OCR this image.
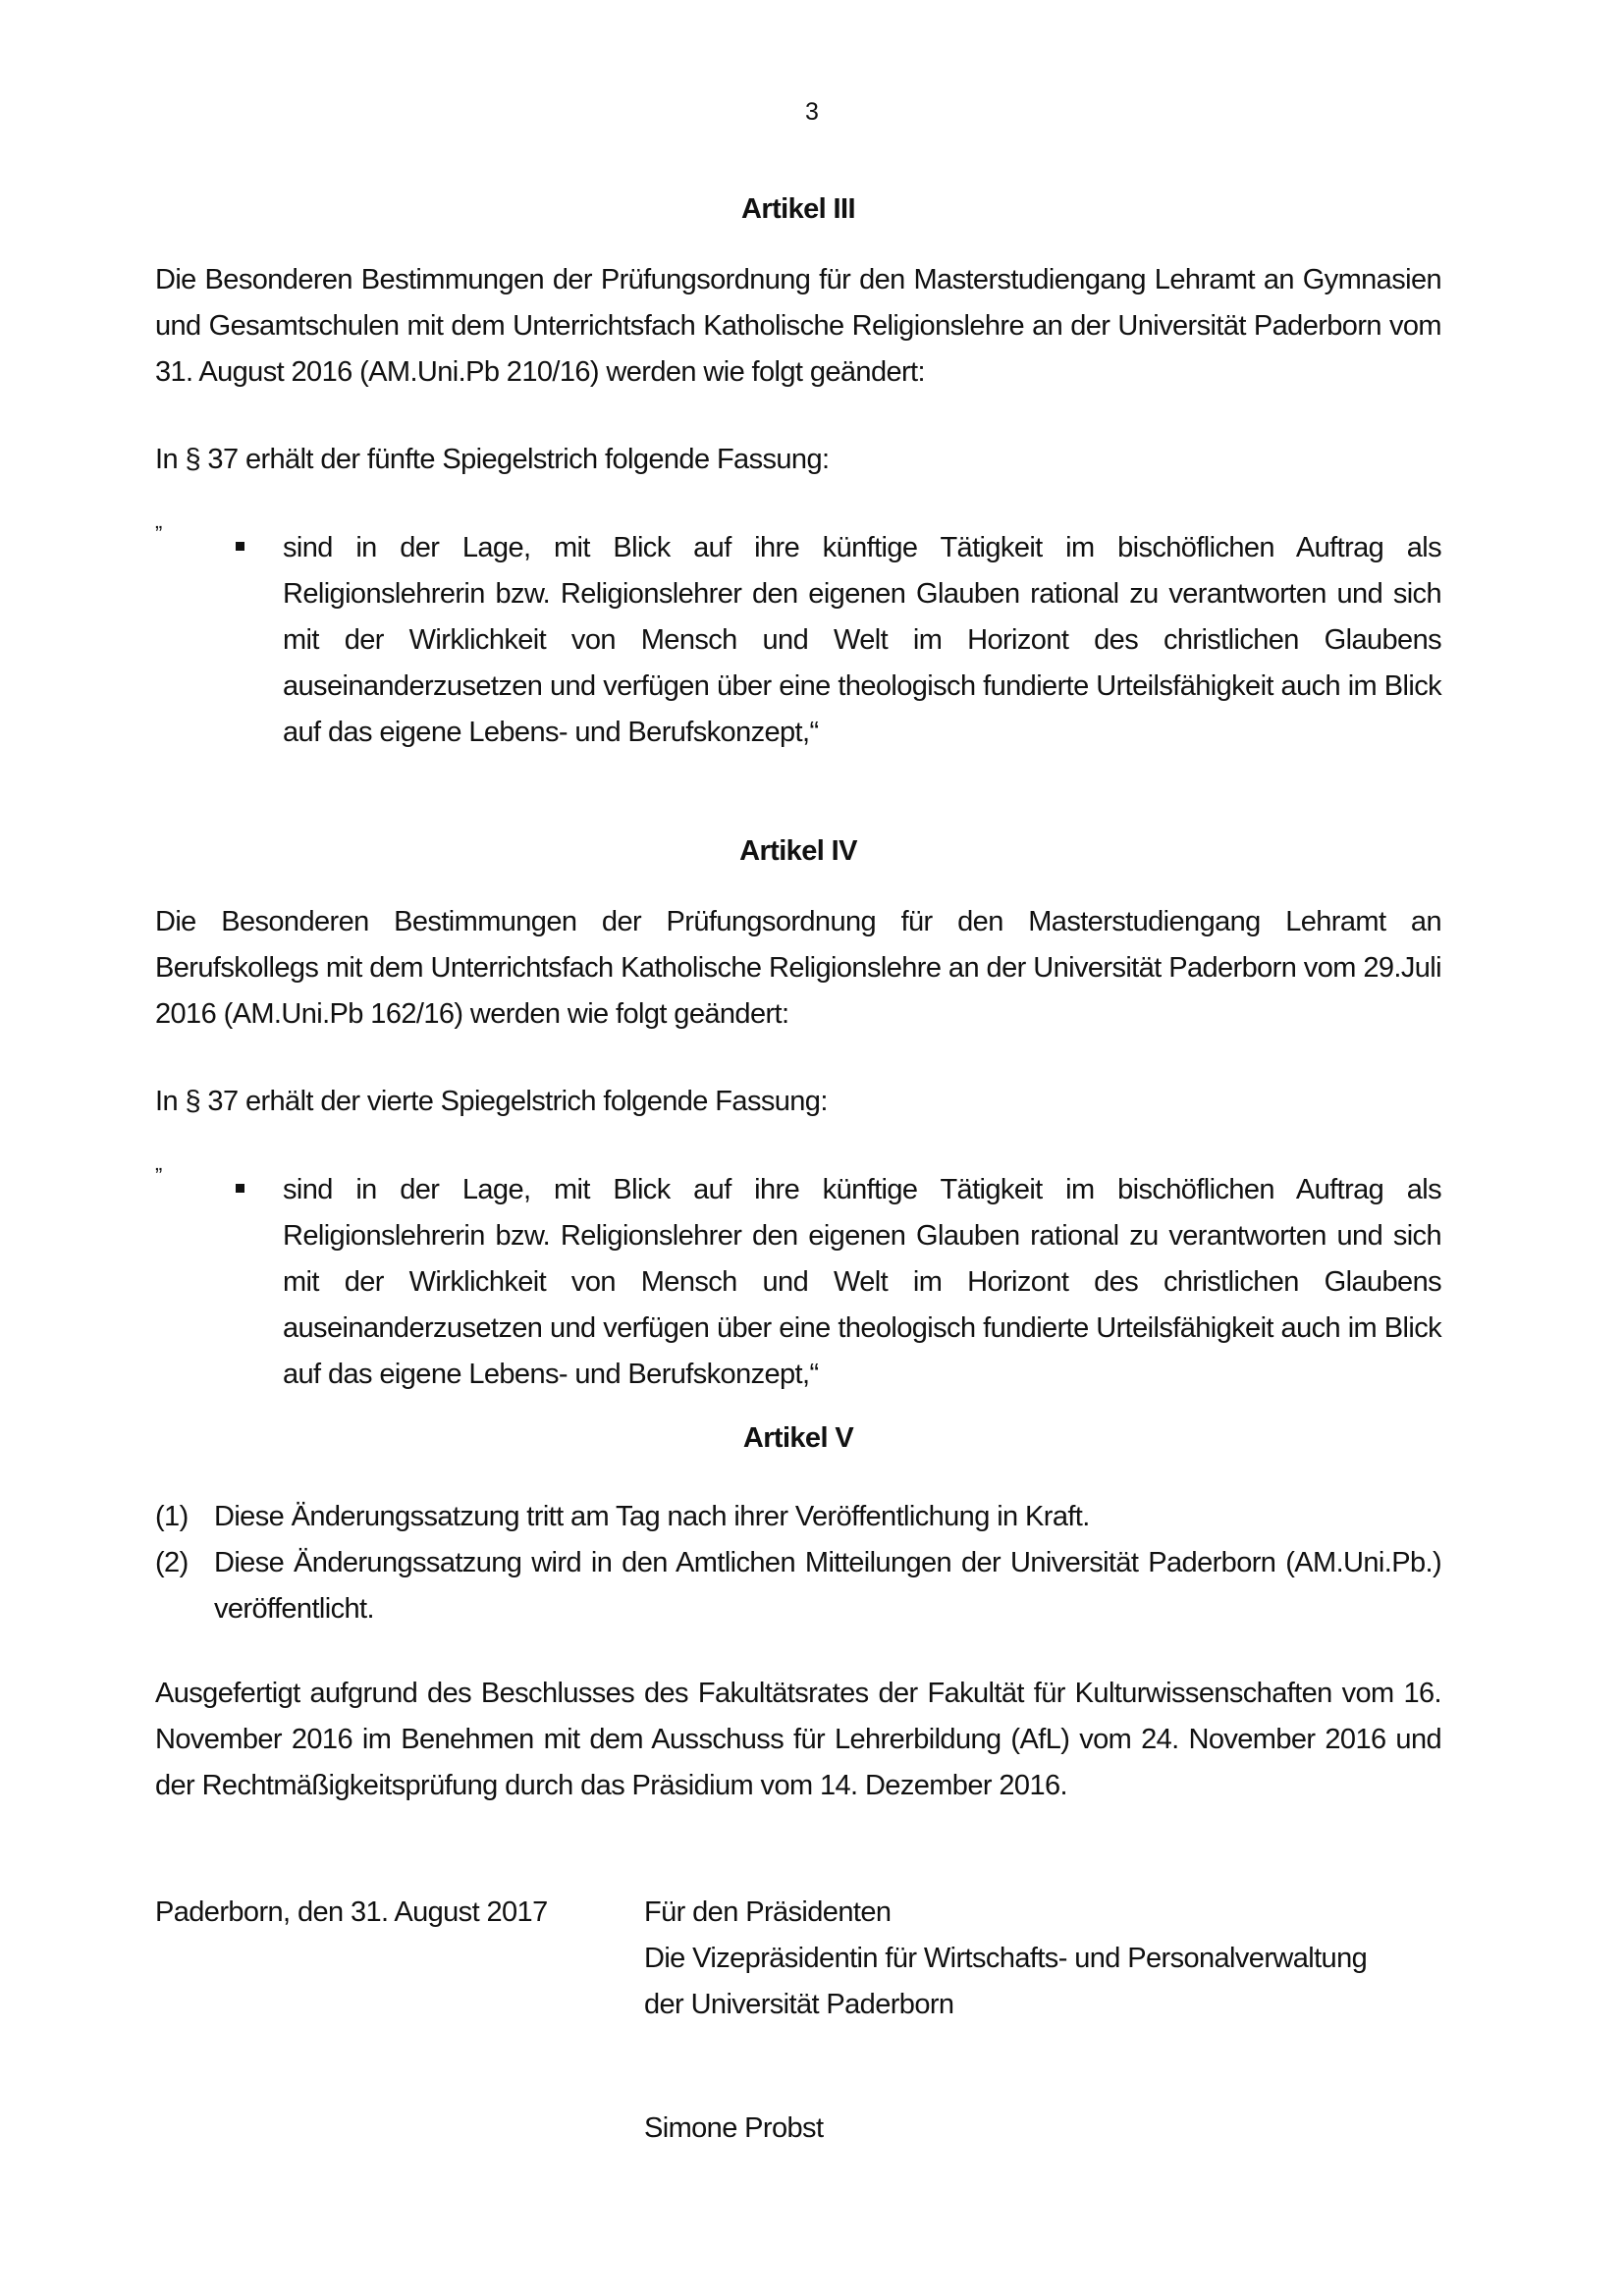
3

Artikel III

Die Besonderen Bestimmungen der Prüfungsordnung für den Masterstudiengang Lehramt an Gymnasien und Gesamtschulen mit dem Unterrichtsfach Katholische Religionslehre an der Universität Paderborn vom 31. August 2016 (AM.Uni.Pb 210/16) werden wie folgt geändert:

In § 37 erhält der fünfte Spiegelstrich folgende Fassung:

„

sind in der Lage, mit Blick auf ihre künftige Tätigkeit im bischöflichen Auftrag als Religionslehrerin bzw. Religionslehrer den eigenen Glauben rational zu verantworten und sich mit der Wirklichkeit von Mensch und Welt im Horizont des christlichen Glaubens auseinanderzusetzen und verfügen über eine theologisch fundierte Urteilsfähigkeit auch im Blick auf das eigene Lebens- und Berufskonzept,“

Artikel IV

Die Besonderen Bestimmungen der Prüfungsordnung für den Masterstudiengang Lehramt an Berufskollegs mit dem Unterrichtsfach Katholische Religionslehre an der Universität Paderborn vom 29.Juli 2016 (AM.Uni.Pb 162/16) werden wie folgt geändert:

In § 37 erhält der vierte Spiegelstrich folgende Fassung:

„

sind in der Lage, mit Blick auf ihre künftige Tätigkeit im bischöflichen Auftrag als Religionslehrerin bzw. Religionslehrer den eigenen Glauben rational zu verantworten und sich mit der Wirklichkeit von Mensch und Welt im Horizont des christlichen Glaubens auseinanderzusetzen und verfügen über eine theologisch fundierte Urteilsfähigkeit auch im Blick auf das eigene Lebens- und Berufskonzept,“

Artikel V

(1) Diese Änderungssatzung tritt am Tag nach ihrer Veröffentlichung in Kraft.
(2) Diese Änderungssatzung wird in den Amtlichen Mitteilungen der Universität Paderborn (AM.Uni.Pb.) veröffentlicht.

Ausgefertigt aufgrund des Beschlusses des Fakultätsrates der Fakultät für Kulturwissenschaften vom 16. November 2016 im Benehmen mit dem Ausschuss für Lehrerbildung (AfL) vom 24. November 2016 und der Rechtmäßigkeitsprüfung durch das Präsidium vom 14. Dezember 2016.

Paderborn, den 31. August 2017	Für den Präsidenten
Die Vizepräsidentin für Wirtschafts- und Personalverwaltung
der Universität Paderborn
Simone Probst
